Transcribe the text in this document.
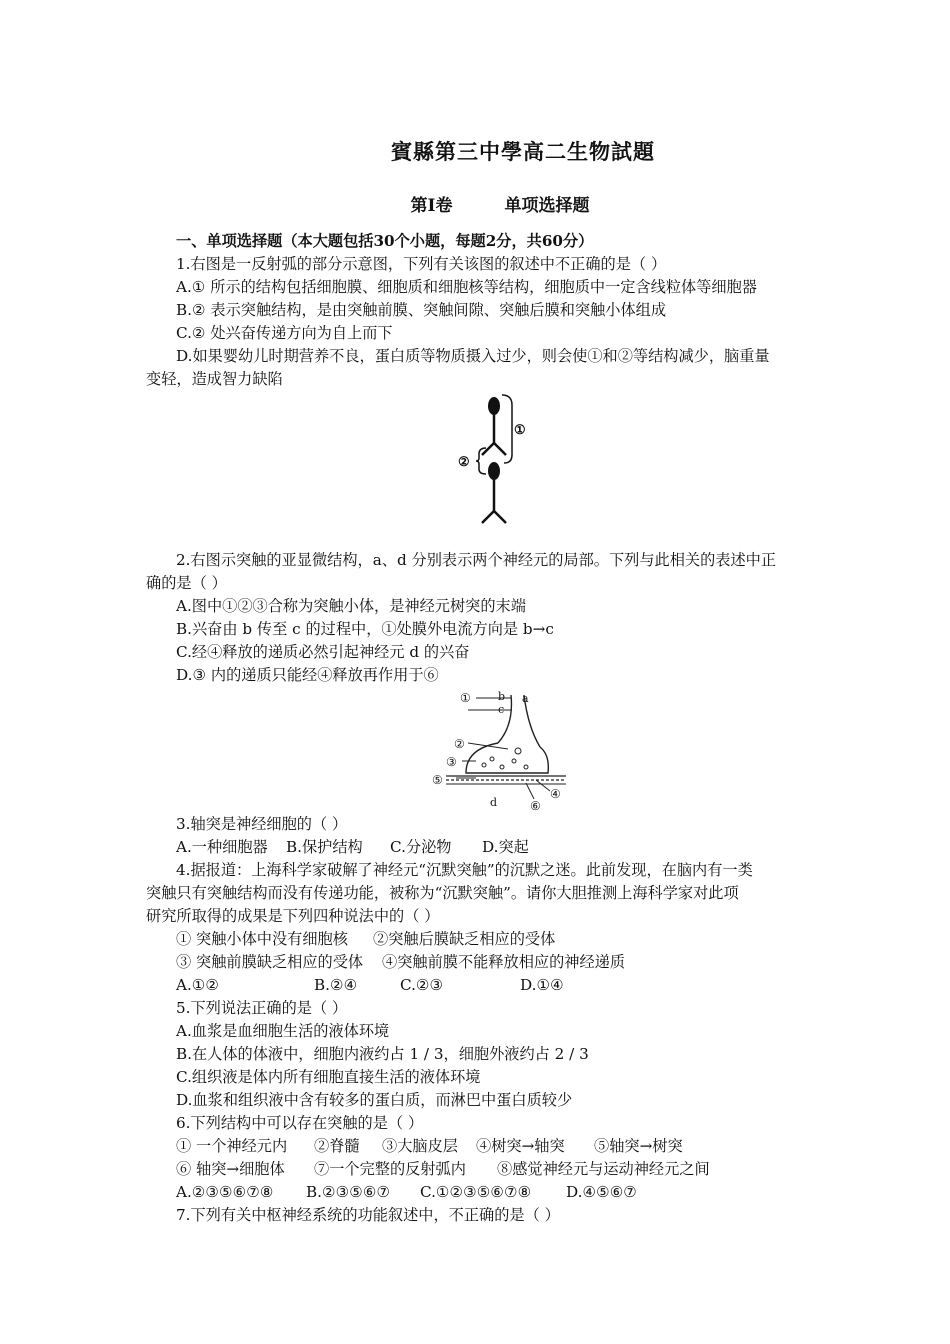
賓縣第三中學高二生物試題
第Ⅰ卷	单项选择题
一、单项选择题（本大题包括30个小题，每题2分，共60分）
1.右图是一反射弧的部分示意图，下列有关该图的叙述中不正确的是（ ）
A.① 所示的结构包括细胞膜、细胞质和细胞核等结构，细胞质中一定含线粒体等细胞器
B.② 表示突触结构，是由突触前膜、突触间隙、突触后膜和突触小体组成
C.② 处兴奋传递方向为自上而下
D.如果婴幼儿时期营养不良，蛋白质等物质摄入过少，则会使①和②等结构减少，脑重量
变轻，造成智力缺陷
①
②
2.右图示突触的亚显微结构，a、d 分别表示两个神经元的局部。下列与此相关的表述中正
确的是（ ）
A.图中①②③合称为突触小体，是神经元树突的末端
B.兴奋由 b 传至 c 的过程中，①处膜外电流方向是 b→c
C.经④释放的递质必然引起神经元 d 的兴奋
D.③ 内的递质只能经④释放再作用于⑥
① b a
c
②
③
⑤
④
⑥
d
3.轴突是神经细胞的（ ）
A.一种细胞器 B.保护结构 C.分泌物 D.突起
4.据报道：上海科学家破解了神经元“沉默突触”的沉默之迷。此前发现，在脑内有一类
突触只有突触结构而没有传递功能，被称为“沉默突触”。请你大胆推测上海科学家对此项
研究所取得的成果是下列四种说法中的（ ）
① 突触小体中没有细胞核 ②突触后膜缺乏相应的受体
③ 突触前膜缺乏相应的受体 ④突触前膜不能释放相应的神经递质
A.①②	B.②④	C.②③	D.①④
5.下列说法正确的是（ ）
A.血浆是血细胞生活的液体环境
B.在人体的体液中，细胞内液约占 1 / 3，细胞外液约占 2 / 3
C.组织液是体内所有细胞直接生活的液体环境
D.血浆和组织液中含有较多的蛋白质，而淋巴中蛋白质较少
6.下列结构中可以存在突触的是（ ）
① 一个神经元内 ②脊髓 ③大脑皮层 ④树突→轴突 ⑤轴突→树突
⑥ 轴突→细胞体 ⑦一个完整的反射弧内 ⑧感觉神经元与运动神经元之间
A.②③⑤⑥⑦⑧ B.②③⑤⑥⑦ C.①②③⑤⑥⑦⑧ D.④⑤⑥⑦
7.下列有关中枢神经系统的功能叙述中，不正确的是（ ）
